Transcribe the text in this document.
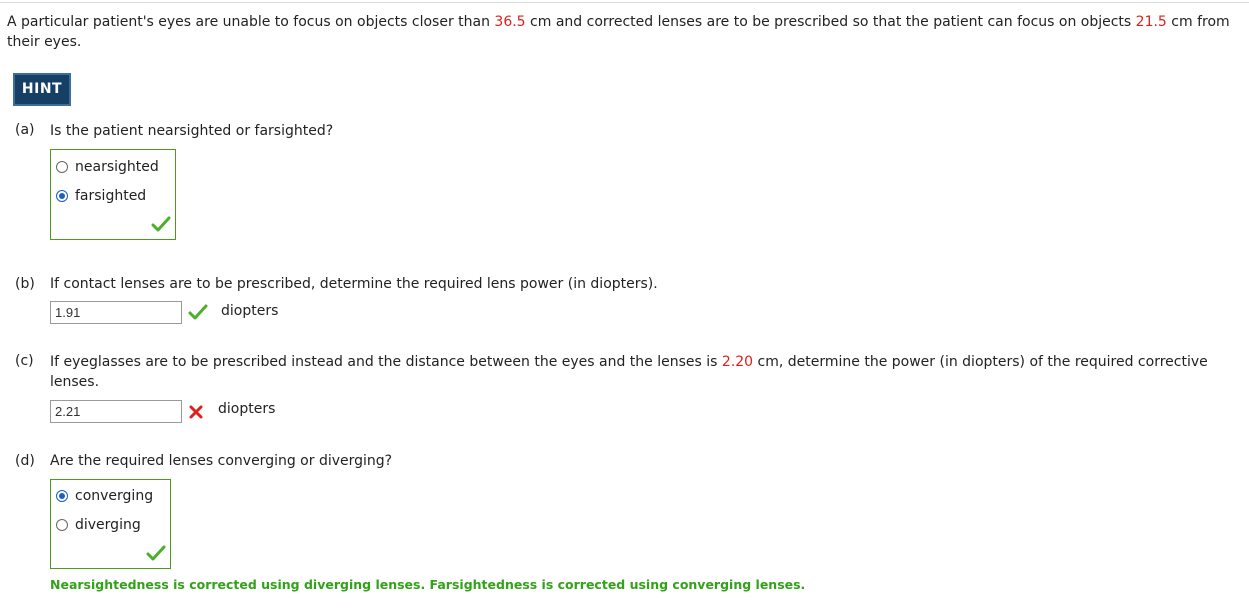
A particular patient's eyes are unable to focus on objects closer than 36.5 cm and corrected lenses are to be prescribed so that the patient can focus on objects 21.5 cm from their eyes.
HINT
(a) Is the patient nearsighted or farsighted?
nearsighted
farsighted
(b) If contact lenses are to be prescribed, determine the required lens power (in diopters).
1.91	diopters
(c) If eyeglasses are to be prescribed instead and the distance between the eyes and the lenses is 2.20 cm, determine the power (in diopters) of the required corrective lenses.
2.21	diopters
(d) Are the required lenses converging or diverging?
converging
diverging
Nearsightedness is corrected using diverging lenses. Farsightedness is corrected using converging lenses.
